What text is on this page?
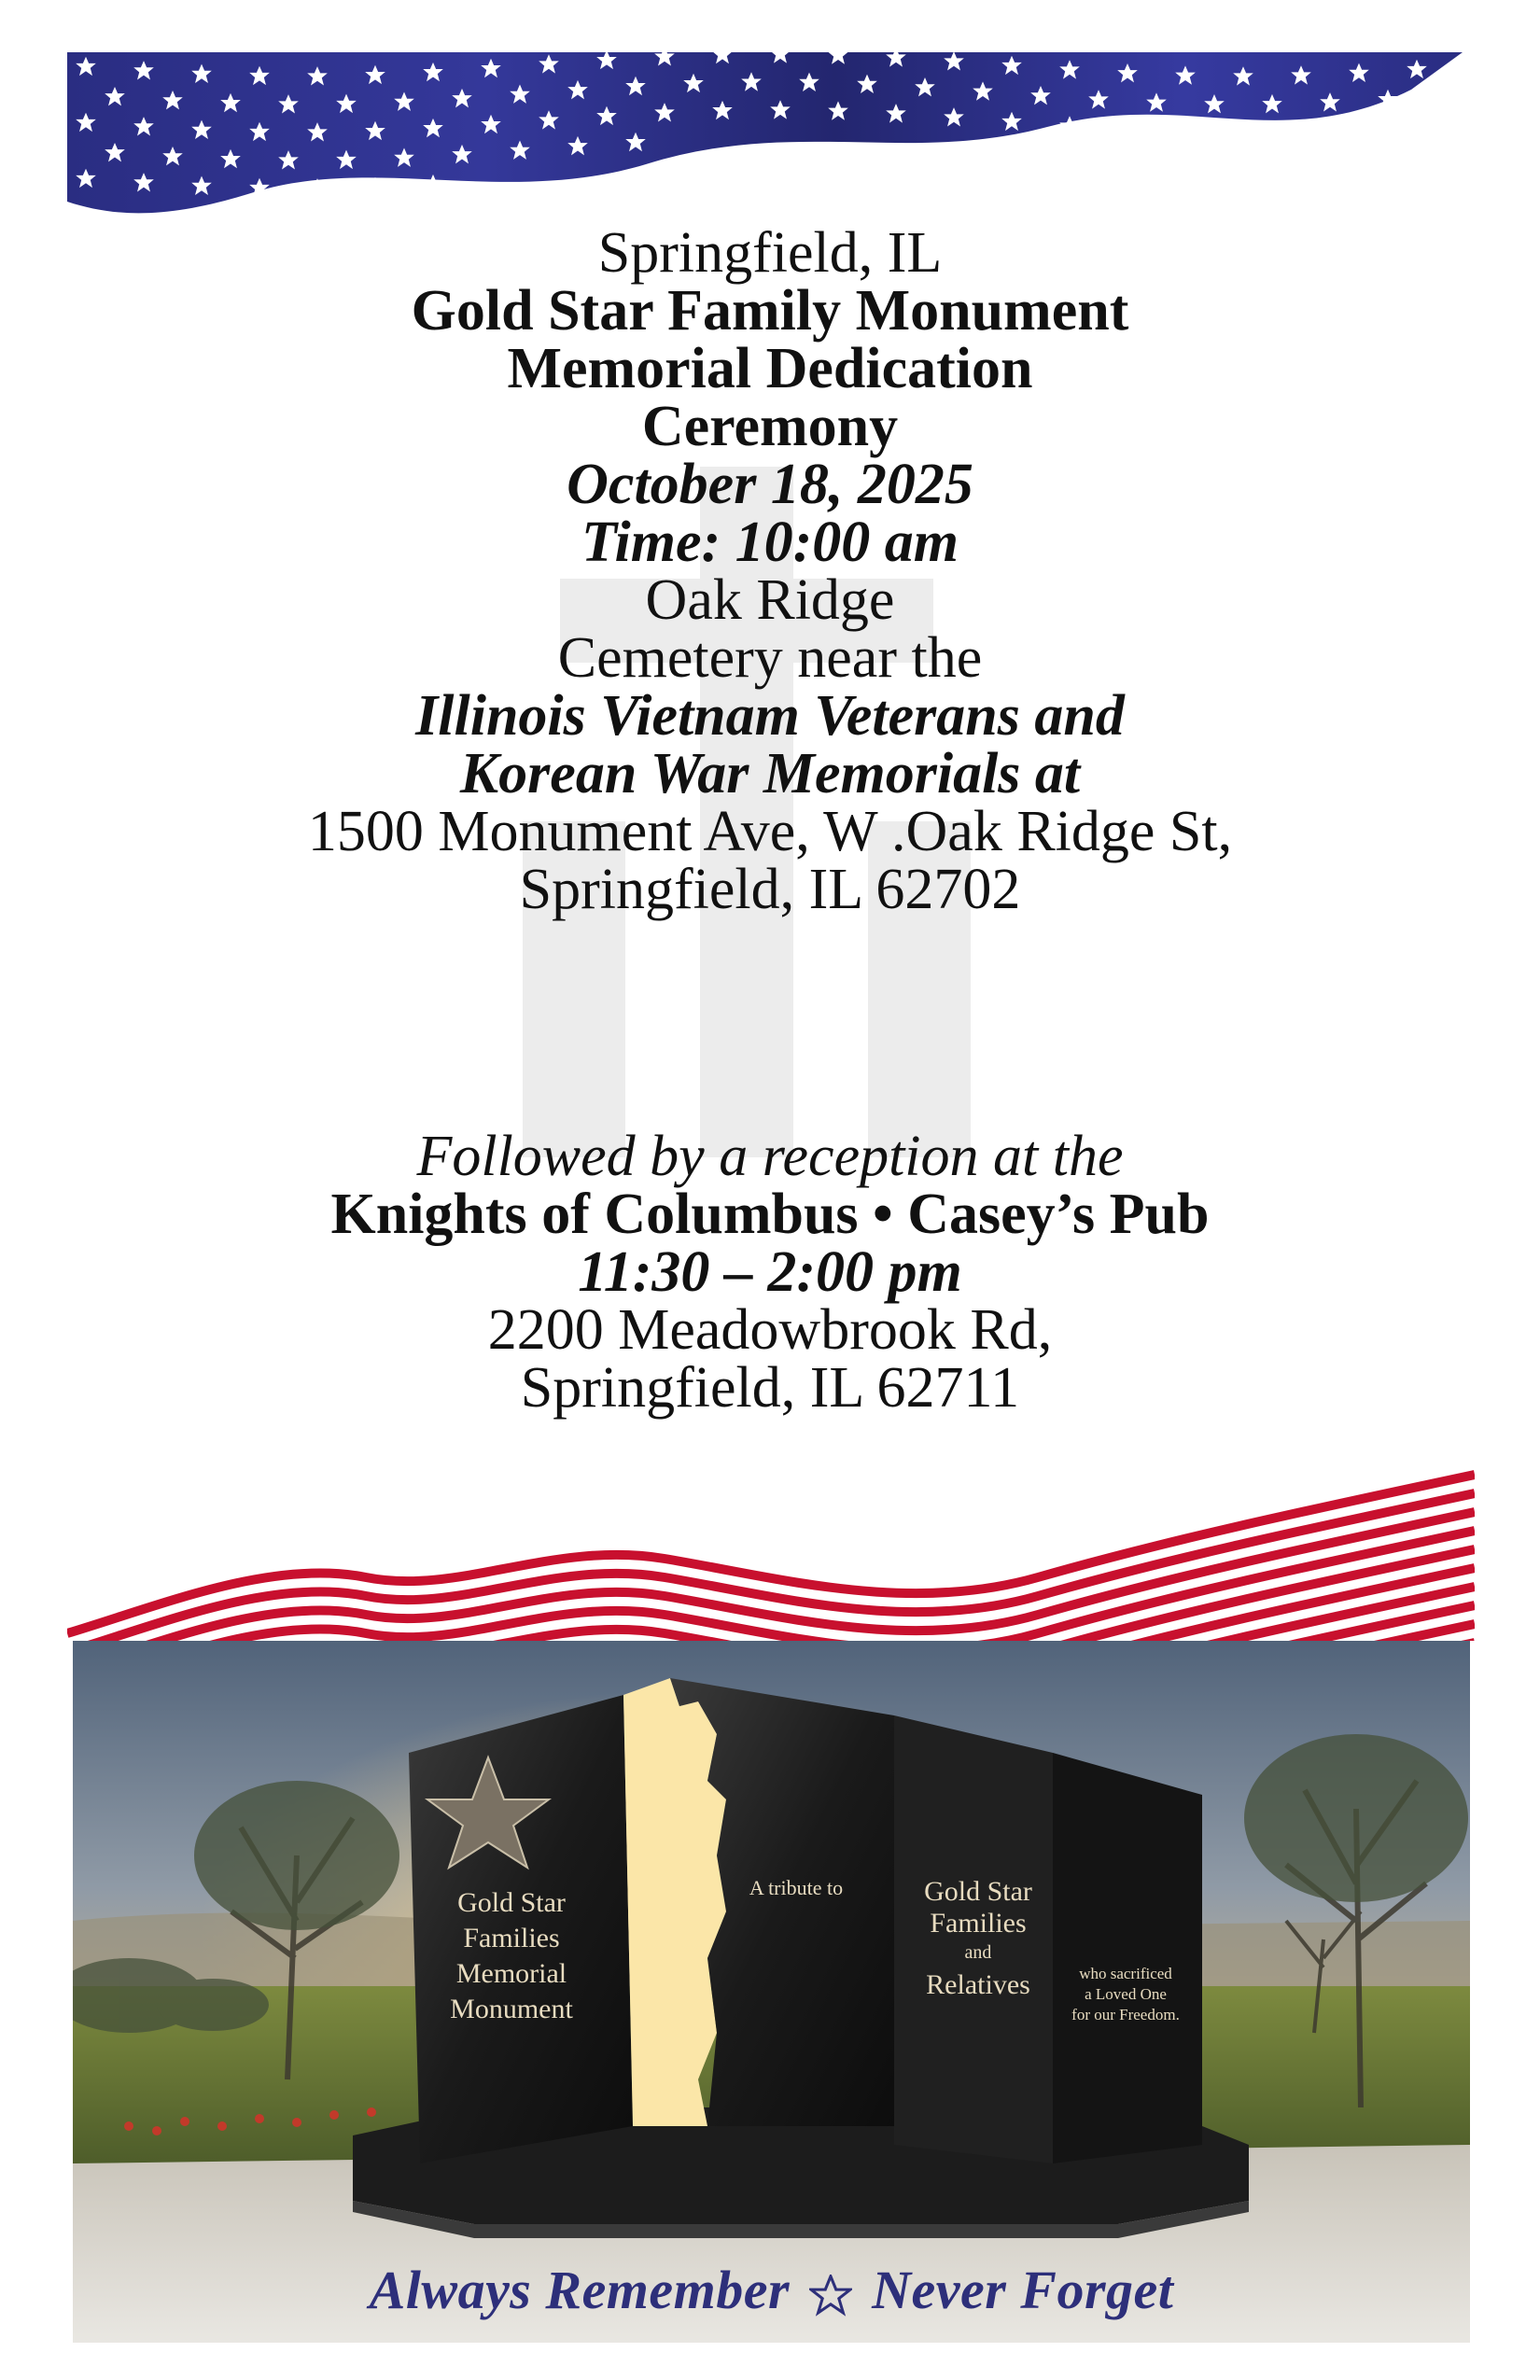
Springfield, IL
Gold Star Family Monument
Memorial Dedication
Ceremony
October 18, 2025
Time: 10:00 am
Oak Ridge
Cemetery near the
Illinois Vietnam Veterans and
Korean War Memorials at
1500 Monument Ave, W .Oak Ridge St,
Springfield, IL 62702
Followed by a reception at the
Knights of Columbus • Casey’s Pub
11:30 – 2:00 pm
2200 Meadowbrook Rd,
Springfield, IL 62711
Gold Star
Families
Memorial
Monument
A tribute to	Gold Star
Families
and
Relatives	who sacrificed
a Loved One
for our Freedom.
Always Remember Never Forget
